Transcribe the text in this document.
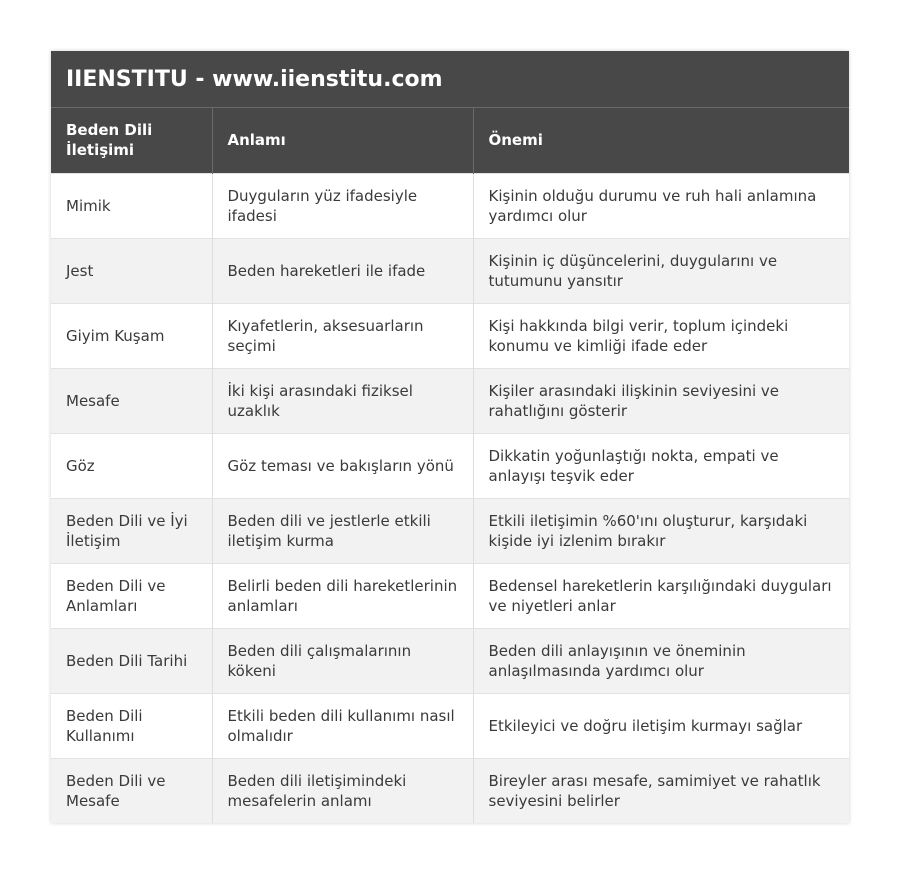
IIENSTITU - www.iienstitu.com
Beden Dili İletişimi	Anlamı	Önemi
Mimik	Duyguların yüz ifadesiyle ifadesi	Kişinin olduğu durumu ve ruh hali anlamına yardımcı olur
Jest	Beden hareketleri ile ifade	Kişinin iç düşüncelerini, duygularını ve tutumunu yansıtır
Giyim Kuşam	Kıyafetlerin, aksesuarların seçimi	Kişi hakkında bilgi verir, toplum içindeki konumu ve kimliği ifade eder
Mesafe	İki kişi arasındaki fiziksel uzaklık	Kişiler arasındaki ilişkinin seviyesini ve rahatlığını gösterir
Göz	Göz teması ve bakışların yönü	Dikkatin yoğunlaştığı nokta, empati ve anlayışı teşvik eder
Beden Dili ve İyi İletişim	Beden dili ve jestlerle etkili iletişim kurma	Etkili iletişimin %60'ını oluşturur, karşıdaki kişide iyi izlenim bırakır
Beden Dili ve Anlamları	Belirli beden dili hareketlerinin anlamları	Bedensel hareketlerin karşılığındaki duyguları ve niyetleri anlar
Beden Dili Tarihi	Beden dili çalışmalarının kökeni	Beden dili anlayışının ve öneminin anlaşılmasında yardımcı olur
Beden Dili Kullanımı	Etkili beden dili kullanımı nasıl olmalıdır	Etkileyici ve doğru iletişim kurmayı sağlar
Beden Dili ve Mesafe	Beden dili iletişimindeki mesafelerin anlamı	Bireyler arası mesafe, samimiyet ve rahatlık seviyesini belirler
